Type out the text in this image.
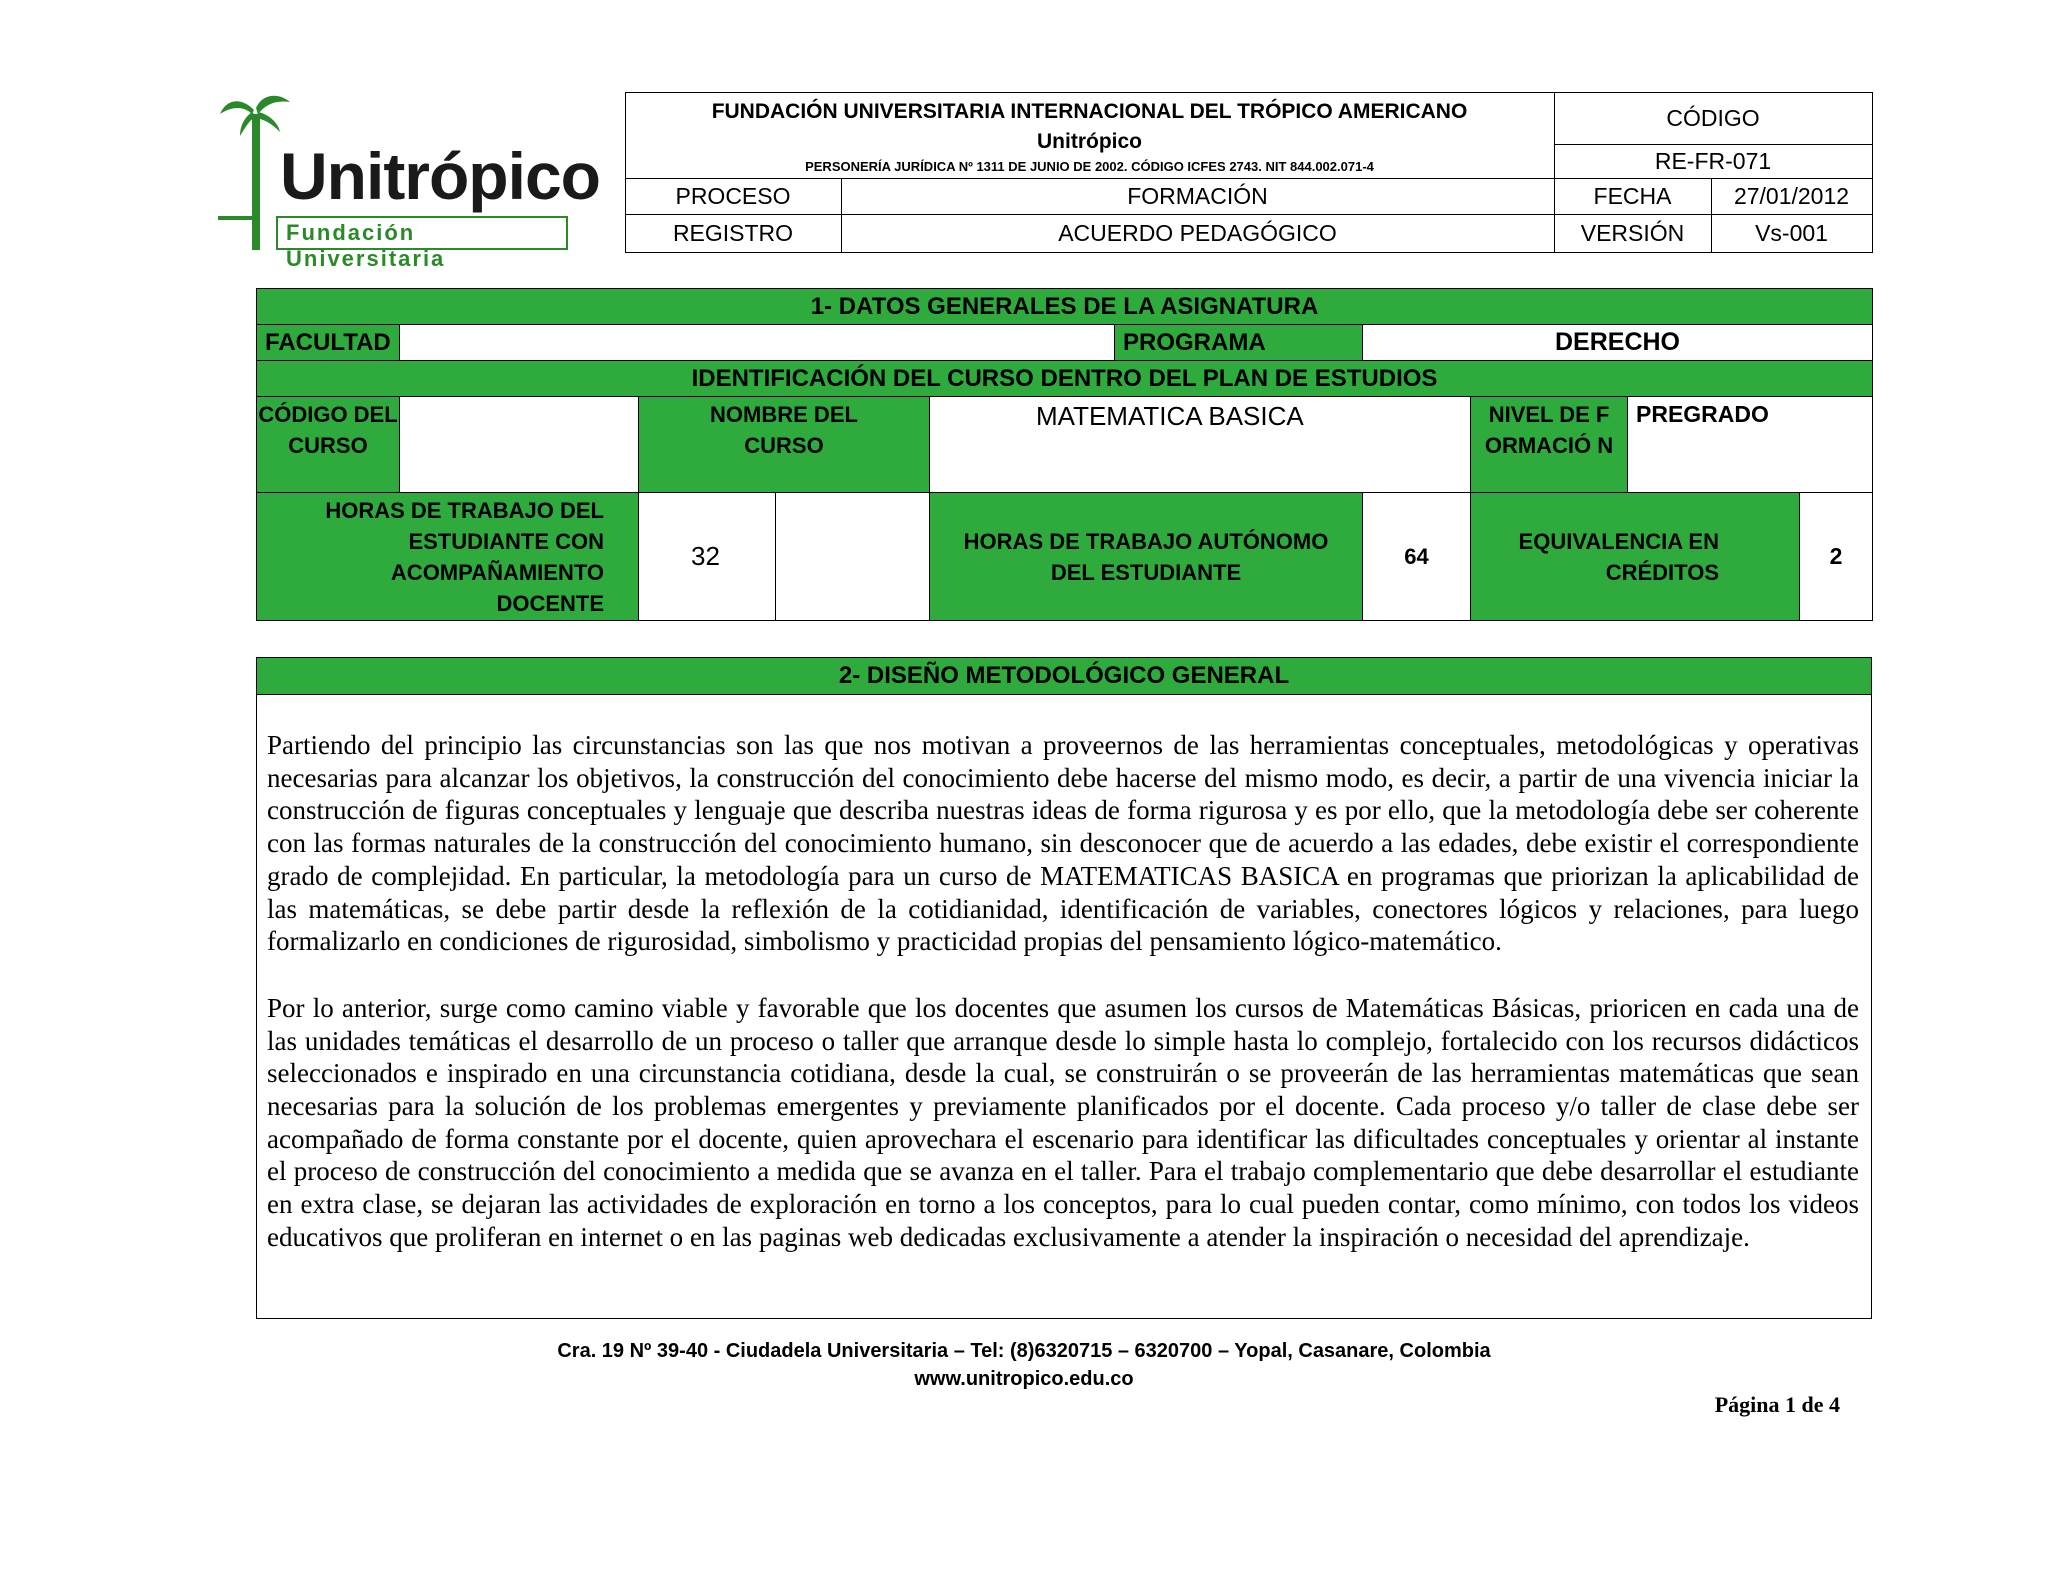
Unitrópico
Fundación Universitaria

	FUNDACIÓN UNIVERSITARIA INTERNACIONAL DEL TRÓPICO AMERICANO
Unitrópico
PERSONERÍA JURÍDICA Nº 1311 DE JUNIO DE 2002. CÓDIGO ICFES 2743. NIT 844.002.071-4		CÓDIGO	
			RE-FR-071	
	PROCESO	FORMACIÓN	FECHA	27/01/2012
	REGISTRO	ACUERDO PEDAGÓGICO	VERSIÓN	Vs-001
1- DATOS GENERALES DE LA ASIGNATURA									
FACULTAD					PROGRAMA	DERECHO			
IDENTIFICACIÓN DEL CURSO DENTRO DEL PLAN DE ESTUDIOS									
CÓDIGO DEL CURSO		NOMBRE DEL CURSO		MATEMATICA BASICA			NIVEL DE FORMACIÓ N	PREGRADO	
HORAS DE TRABAJO DEL ESTUDIANTE CON ACOMPAÑAMIENTO DOCENTE		32		HORAS DE TRABAJO AUTÓNOMO DEL ESTUDIANTE		64	EQUIVALENCIA EN CRÉDITOS		2
2- DISEÑO METODOLÓGICO GENERAL

Partiendo del principio las circunstancias son las que nos motivan a proveernos de las herramientas conceptuales, metodológicas y operativas necesarias para alcanzar los objetivos, la construcción del conocimiento debe hacerse del mismo modo, es decir, a partir de una vivencia iniciar la construcción de figuras conceptuales y lenguaje que describa nuestras ideas de forma rigurosa y es por ello, que la metodología debe ser coherente con las formas naturales de la construcción del conocimiento humano, sin desconocer que de acuerdo a las edades, debe existir el correspondiente grado de complejidad. En particular, la metodología para un curso de MATEMATICAS BASICA en programas que priorizan la aplicabilidad de las matemáticas, se debe partir desde la reflexión de la cotidianidad, identificación de variables, conectores lógicos y relaciones, para luego formalizarlo en condiciones de rigurosidad, simbolismo y practicidad propias del pensamiento lógico-matemático.

Por lo anterior, surge como camino viable y favorable que los docentes que asumen los cursos de Matemáticas Básicas, prioricen en cada una de las unidades temáticas el desarrollo de un proceso o taller que arranque desde lo simple hasta lo complejo, fortalecido con los recursos didácticos seleccionados e inspirado en una circunstancia cotidiana, desde la cual, se construirán o se proveerán de las herramientas matemáticas que sean necesarias para la solución de los problemas emergentes y previamente planificados por el docente. Cada proceso y/o taller de clase debe ser acompañado de forma constante por el docente, quien aprovechara el escenario para identificar las dificultades conceptuales y orientar al instante el proceso de construcción del conocimiento a medida que se avanza en el taller. Para el trabajo complementario que debe desarrollar el estudiante en extra clase, se dejaran las actividades de exploración en torno a los conceptos, para lo cual pueden contar, como mínimo, con todos los videos educativos que proliferan en internet o en las paginas web dedicadas exclusivamente a atender la inspiración o necesidad del aprendizaje.

Cra. 19 Nº 39-40 - Ciudadela Universitaria – Tel: (8)6320715 – 6320700 – Yopal, Casanare, Colombia
www.unitropico.edu.co
Página 1 de 4
